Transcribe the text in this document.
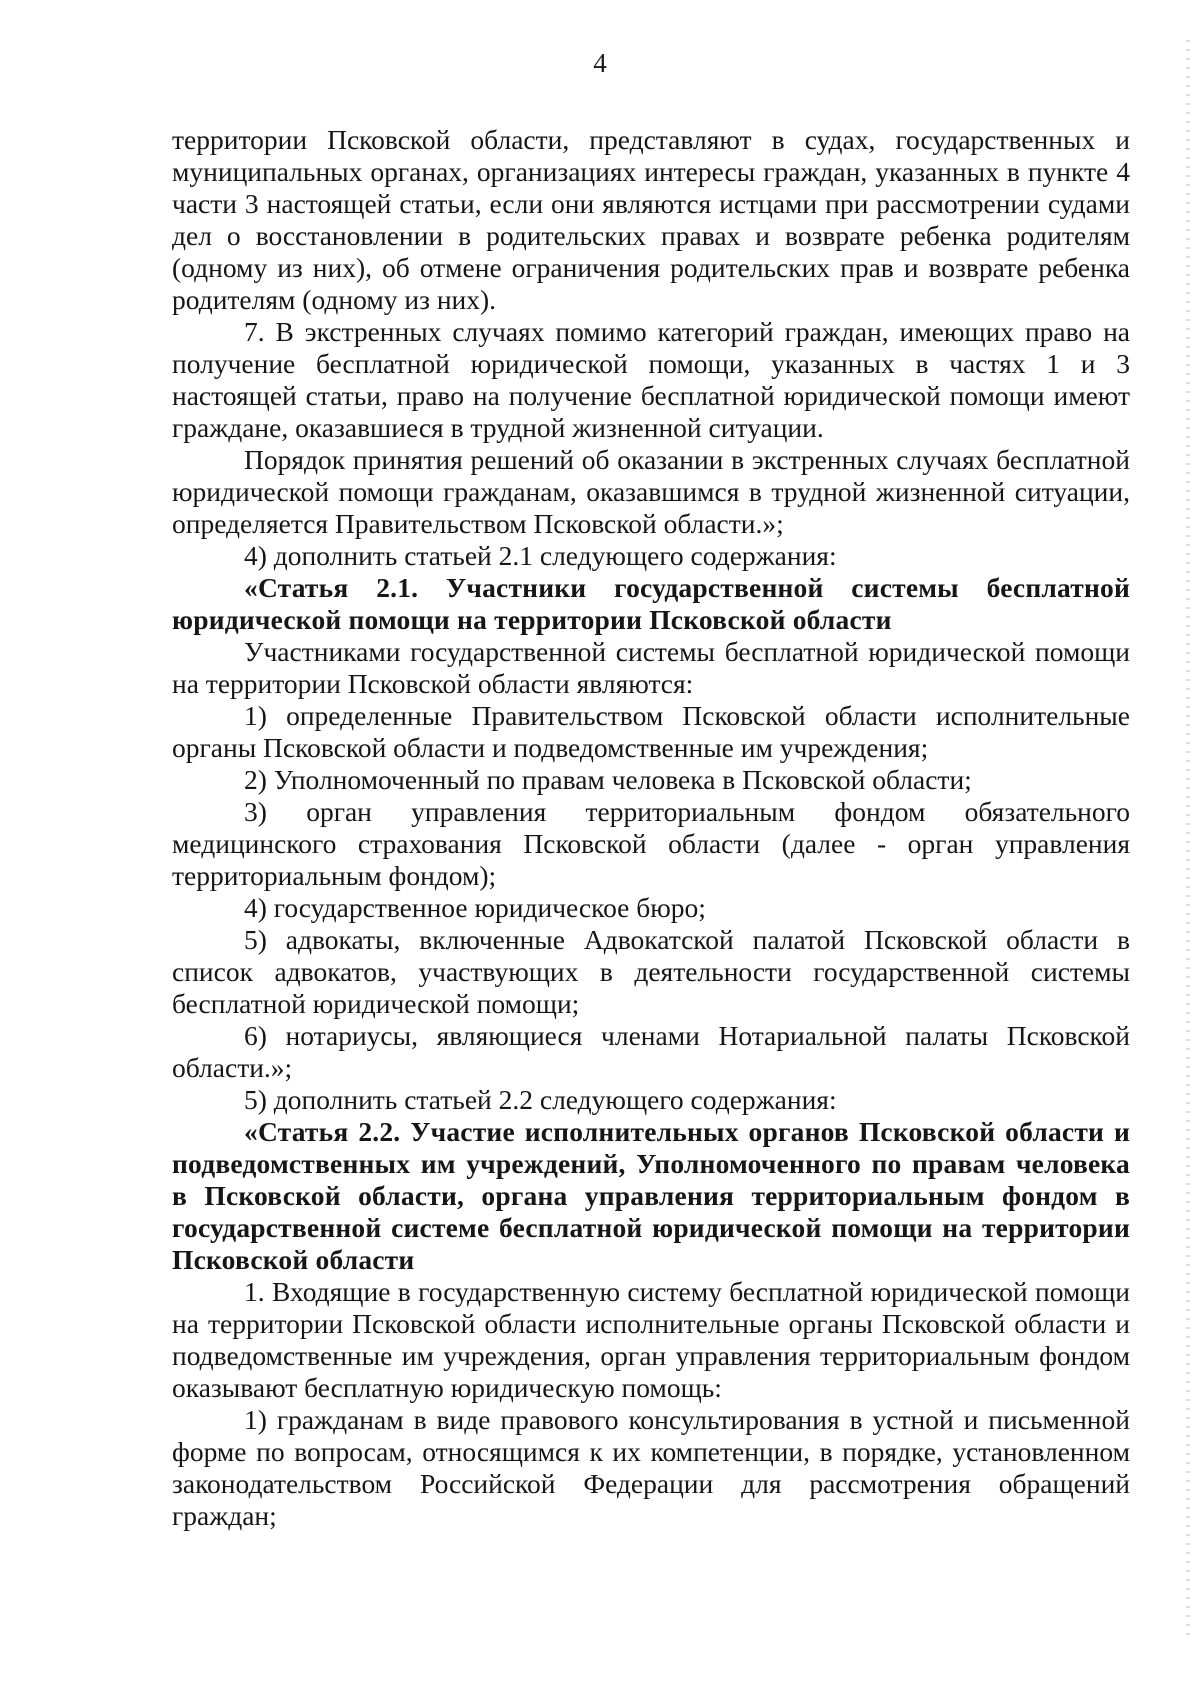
4

территории Псковской области, представляют в судах, государственных и муниципальных органах, организациях интересы граждан, указанных в пункте 4 части 3 настоящей статьи, если они являются истцами при рассмотрении судами дел о восстановлении в родительских правах и возврате ребенка родителям (одному из них), об отмене ограничения родительских прав и возврате ребенка родителям (одному из них).

7. В экстренных случаях помимо категорий граждан, имеющих право на получение бесплатной юридической помощи, указанных в частях 1 и 3 настоящей статьи, право на получение бесплатной юридической помощи имеют граждане, оказавшиеся в трудной жизненной ситуации.

Порядок принятия решений об оказании в экстренных случаях бесплатной юридической помощи гражданам, оказавшимся в трудной жизненной ситуации, определяется Правительством Псковской области.»;

4) дополнить статьей 2.1 следующего содержания:

«Статья 2.1. Участники государственной системы бесплатной юридической помощи на территории Псковской области

Участниками государственной системы бесплатной юридической помощи на территории Псковской области являются:

1) определенные Правительством Псковской области исполнительные органы Псковской области и подведомственные им учреждения;

2) Уполномоченный по правам человека в Псковской области;

3) орган управления территориальным фондом обязательного медицинского страхования Псковской области (далее - орган управления территориальным фондом);

4) государственное юридическое бюро;

5) адвокаты, включенные Адвокатской палатой Псковской области в список адвокатов, участвующих в деятельности государственной системы бесплатной юридической помощи;

6) нотариусы, являющиеся членами Нотариальной палаты Псковской области.»;

5) дополнить статьей 2.2 следующего содержания:

«Статья 2.2. Участие исполнительных органов Псковской области и подведомственных им учреждений, Уполномоченного по правам человека в Псковской области, органа управления территориальным фондом в государственной системе бесплатной юридической помощи на территории Псковской области

1. Входящие в государственную систему бесплатной юридической помощи на территории Псковской области исполнительные органы Псковской области и подведомственные им учреждения, орган управления территориальным фондом оказывают бесплатную юридическую помощь:

1) гражданам в виде правового консультирования в устной и письменной форме по вопросам, относящимся к их компетенции, в порядке, установленном законодательством Российской Федерации для рассмотрения обращений граждан;
